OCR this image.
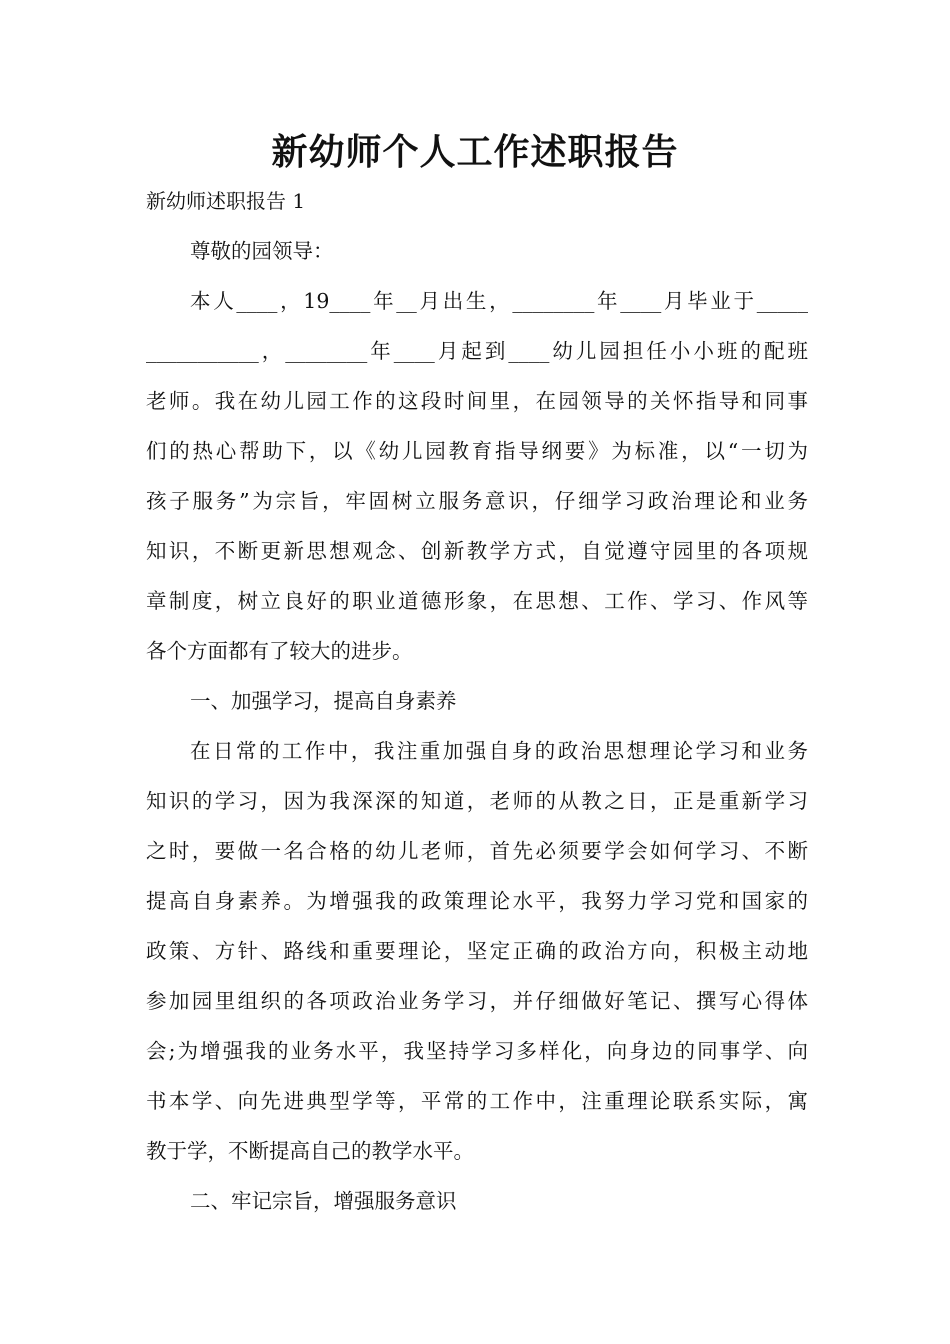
新幼师个人工作述职报告

新幼师述职报告 1

尊敬的园领导：
本人____，19____年__月出生，________年____月毕业于_____
___________，________年____月起到____幼儿园担任小小班的配班
老师。我在幼儿园工作的这段时间里，在园领导的关怀指导和同事
们的热心帮助下，以《幼儿园教育指导纲要》为标准，以“一切为
孩子服务”为宗旨，牢固树立服务意识，仔细学习政治理论和业务
知识，不断更新思想观念、创新教学方式，自觉遵守园里的各项规
章制度，树立良好的职业道德形象，在思想、工作、学习、作风等
各个方面都有了较大的进步。
一、加强学习，提高自身素养
在日常的工作中，我注重加强自身的政治思想理论学习和业务
知识的学习，因为我深深的知道，老师的从教之日，正是重新学习
之时，要做一名合格的幼儿老师，首先必须要学会如何学习、不断
提高自身素养。为增强我的政策理论水平，我努力学习党和国家的
政策、方针、路线和重要理论，坚定正确的政治方向，积极主动地
参加园里组织的各项政治业务学习，并仔细做好笔记、撰写心得体
会;为增强我的业务水平，我坚持学习多样化，向身边的同事学、向
书本学、向先进典型学等，平常的工作中，注重理论联系实际，寓
教于学，不断提高自己的教学水平。
二、牢记宗旨，增强服务意识
